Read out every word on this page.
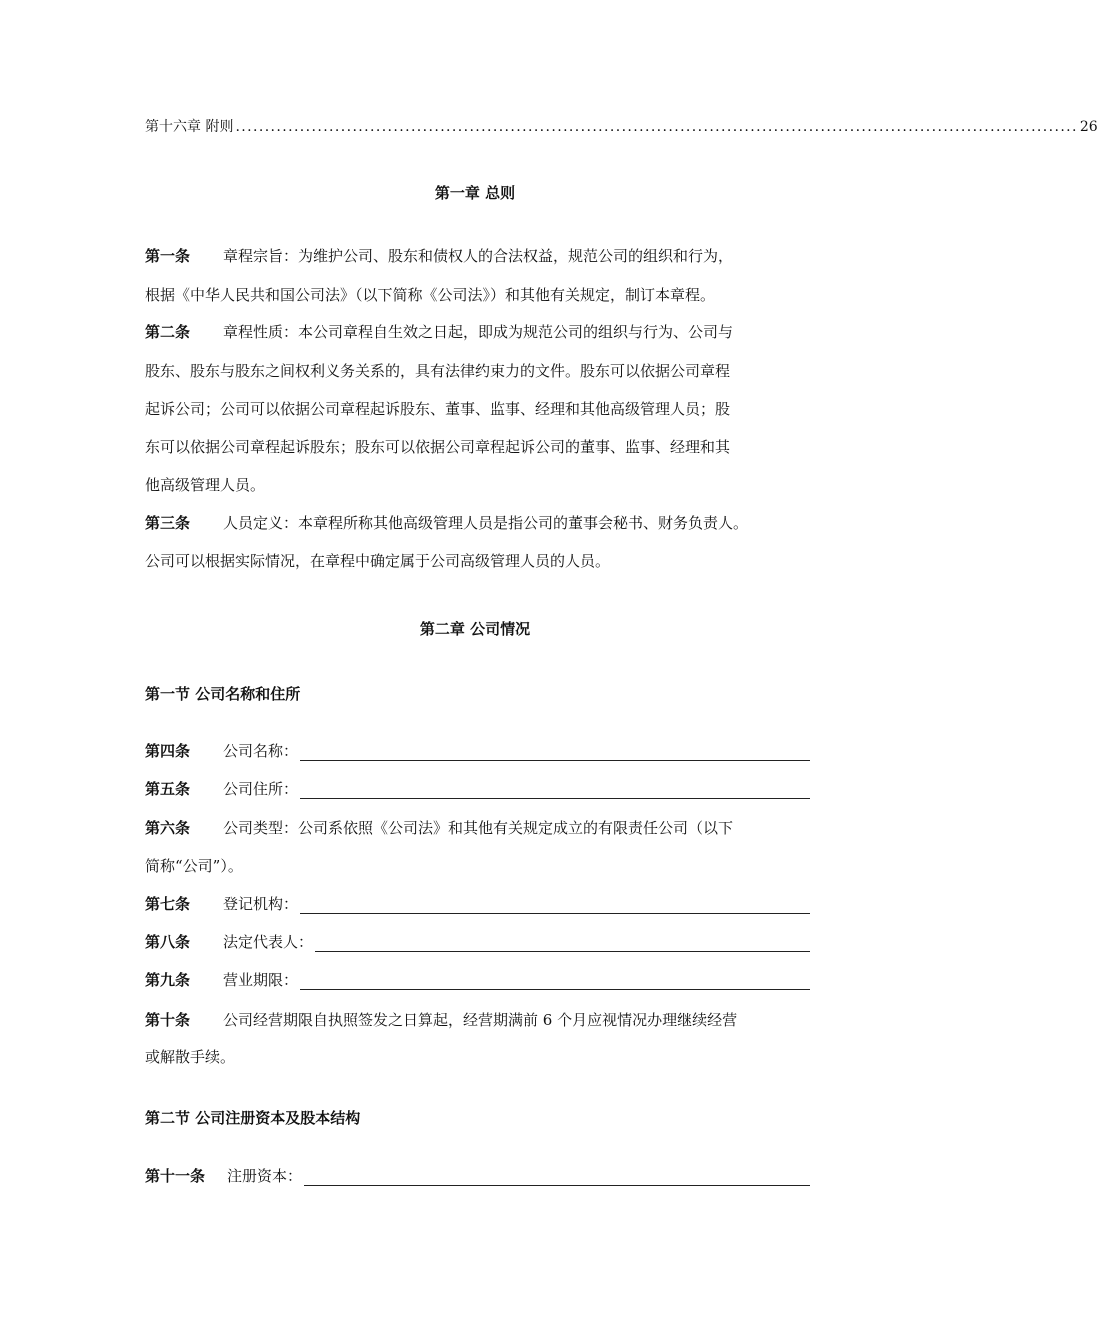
第十六章 附则 ................................................................................................................................................ 26
第一章 总则
第一条 章程宗旨：为维护公司、股东和债权人的合法权益，规范公司的组织和行为，
根据《中华人民共和国公司法》（以下简称《公司法》）和其他有关规定，制订本章程。
第二条 章程性质：本公司章程自生效之日起，即成为规范公司的组织与行为、公司与
股东、股东与股东之间权利义务关系的，具有法律约束力的文件。股东可以依据公司章程
起诉公司；公司可以依据公司章程起诉股东、董事、监事、经理和其他高级管理人员；股
东可以依据公司章程起诉股东；股东可以依据公司章程起诉公司的董事、监事、经理和其
他高级管理人员。
第三条 人员定义：本章程所称其他高级管理人员是指公司的董事会秘书、财务负责人。
公司可以根据实际情况，在章程中确定属于公司高级管理人员的人员。
第二章 公司情况
第一节 公司名称和住所
第四条	公司名称：
第五条	公司住所：
第六条 公司类型：公司系依照《公司法》和其他有关规定成立的有限责任公司（以下
简称“公司”）。
第七条	登记机构：
第八条	法定代表人：
第九条	营业期限：
第十条 公司经营期限自执照签发之日算起，经营期满前 6 个月应视情况办理继续经营
或解散手续。
第二节 公司注册资本及股本结构
第十一条	注册资本：
